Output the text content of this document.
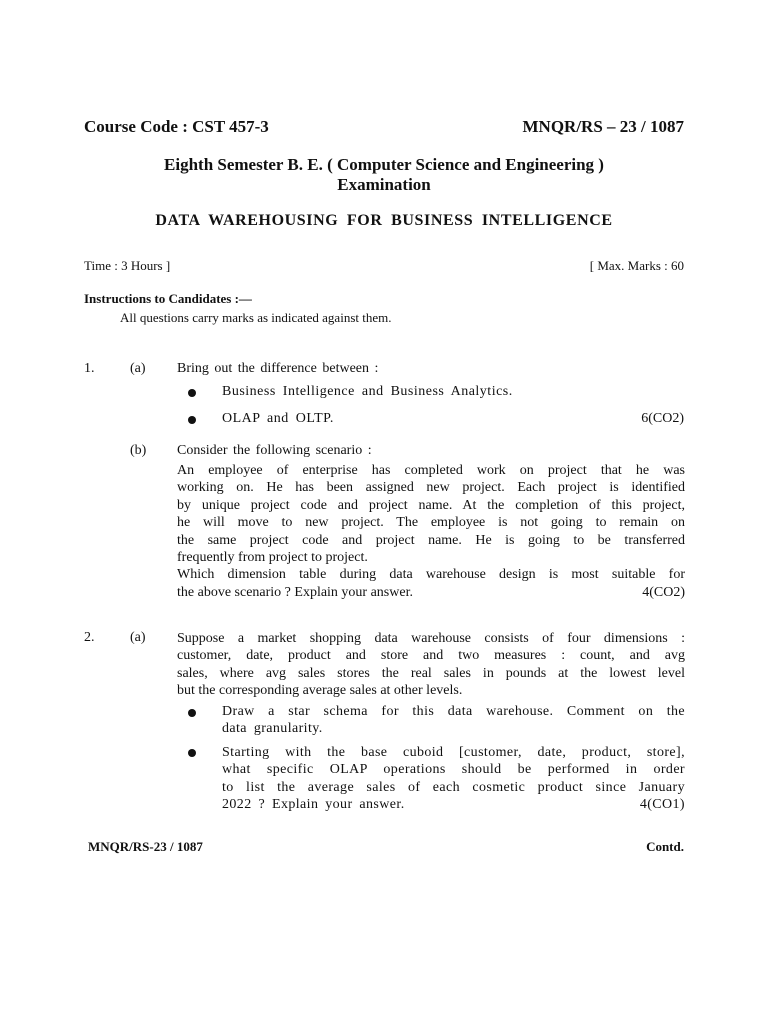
Course Code : CST 457-3	MNQR/RS – 23 / 1087
Eighth Semester B. E. ( Computer Science and Engineering )
Examination
DATA WAREHOUSING FOR BUSINESS INTELLIGENCE
Time : 3 Hours ]	[ Max. Marks : 60
Instructions to Candidates :—
All questions carry marks as indicated against them.
1.	(a) Bring out the difference between :
Business Intelligence and Business Analytics.
OLAP and OLTP.	6(CO2)
(b) Consider the following scenario :
An employee of enterprise has completed work on project that he was
working on. He has been assigned new project. Each project is identified
by unique project code and project name. At the completion of this project,
he will move to new project. The employee is not going to remain on
the same project code and project name. He is going to be transferred
frequently from project to project.
Which dimension table during data warehouse design is most suitable for
the above scenario ? Explain your answer.	4(CO2)
2.	(a) Suppose a market shopping data warehouse consists of four dimensions :
customer, date, product and store and two measures : count, and avg
sales, where avg sales stores the real sales in pounds at the lowest level
but the corresponding average sales at other levels.
Draw a star schema for this data warehouse. Comment on the
data granularity.
Starting with the base cuboid [customer, date, product, store],
what specific OLAP operations should be performed in order
to list the average sales of each cosmetic product since January
2022 ? Explain your answer.	4(CO1)
MNQR/RS-23 / 1087	Contd.
